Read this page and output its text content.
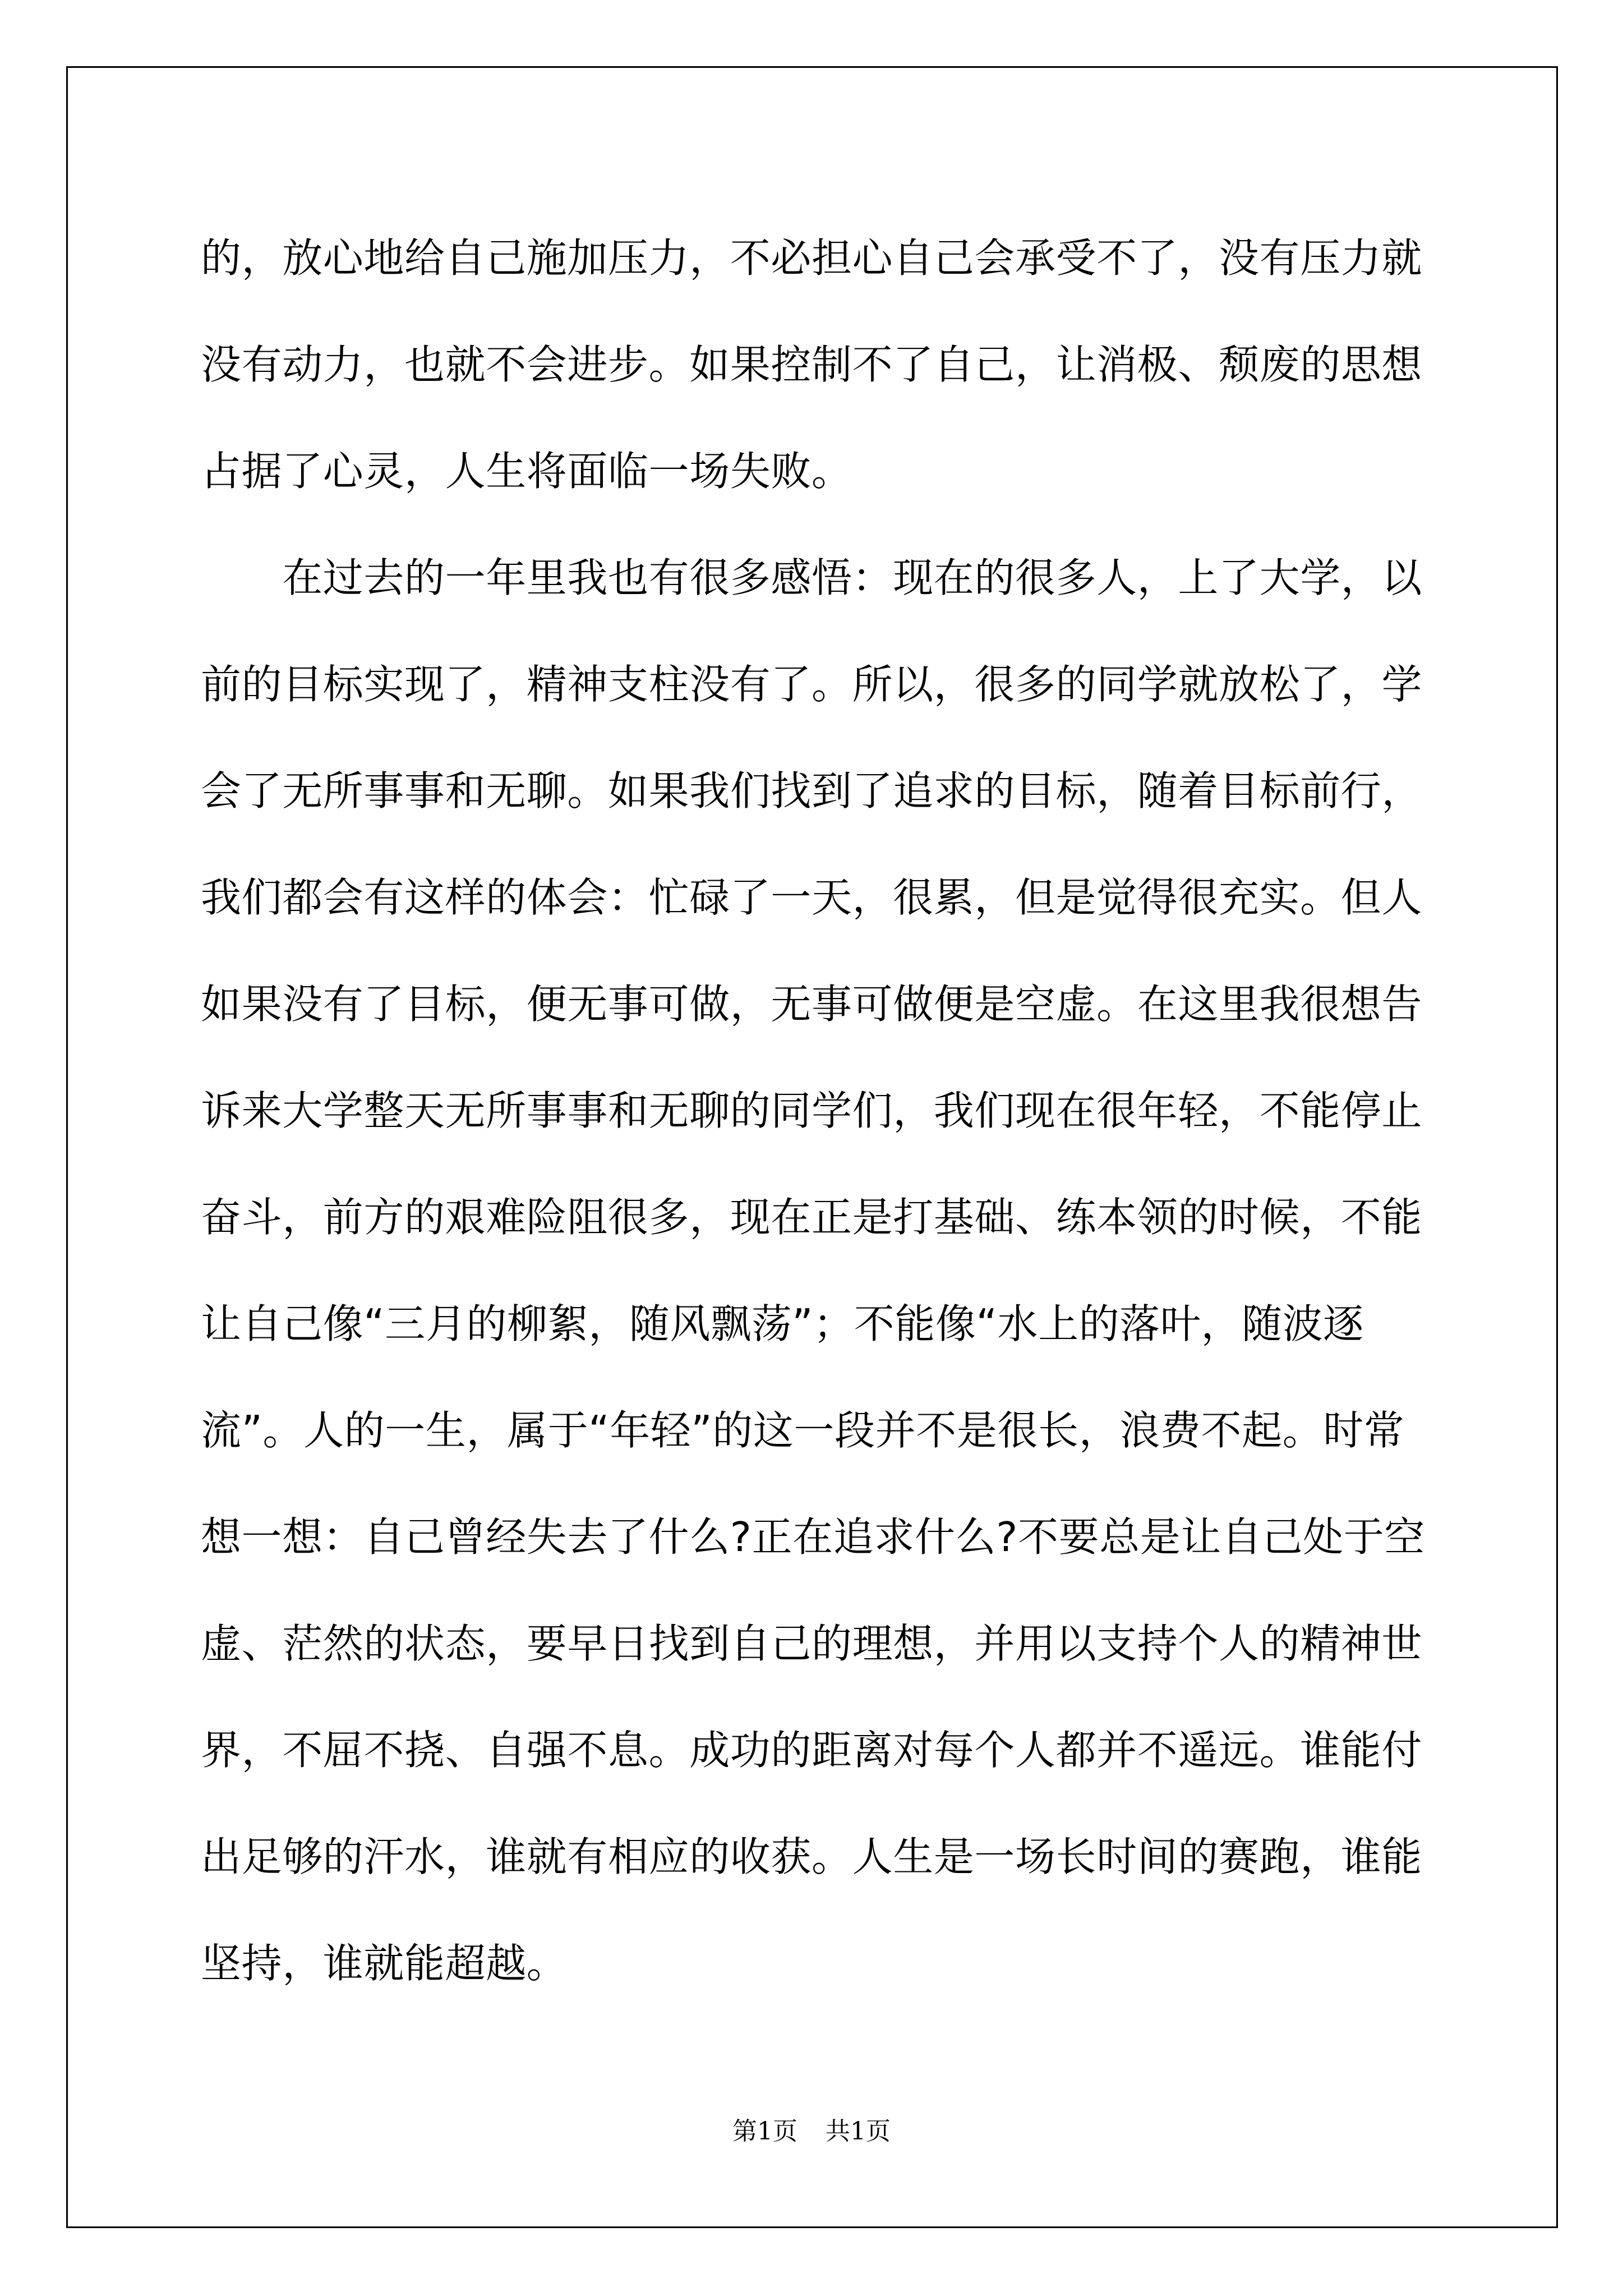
的，放心地给自己施加压力，不必担心自己会承受不了，没有压力就
没有动力，也就不会进步。如果控制不了自己，让消极、颓废的思想
占据了心灵，人生将面临一场失败。

　　在过去的一年里我也有很多感悟：现在的很多人，上了大学，以
前的目标实现了，精神支柱没有了。所以，很多的同学就放松了，学
会了无所事事和无聊。如果我们找到了追求的目标，随着目标前行，
我们都会有这样的体会：忙碌了一天，很累，但是觉得很充实。但人
如果没有了目标，便无事可做，无事可做便是空虚。在这里我很想告
诉来大学整天无所事事和无聊的同学们，我们现在很年轻，不能停止
奋斗，前方的艰难险阻很多，现在正是打基础、练本领的时候，不能
让自己像“三月的柳絮，随风飘荡”；不能像“水上的落叶，随波逐
流”。人的一生，属于“年轻”的这一段并不是很长，浪费不起。时常
想一想：自己曾经失去了什么?正在追求什么?不要总是让自己处于空
虚、茫然的状态，要早日找到自己的理想，并用以支持个人的精神世
界，不屈不挠、自强不息。成功的距离对每个人都并不遥远。谁能付
出足够的汗水，谁就有相应的收获。人生是一场长时间的赛跑，谁能
坚持，谁就能超越。

第1页 共1页
